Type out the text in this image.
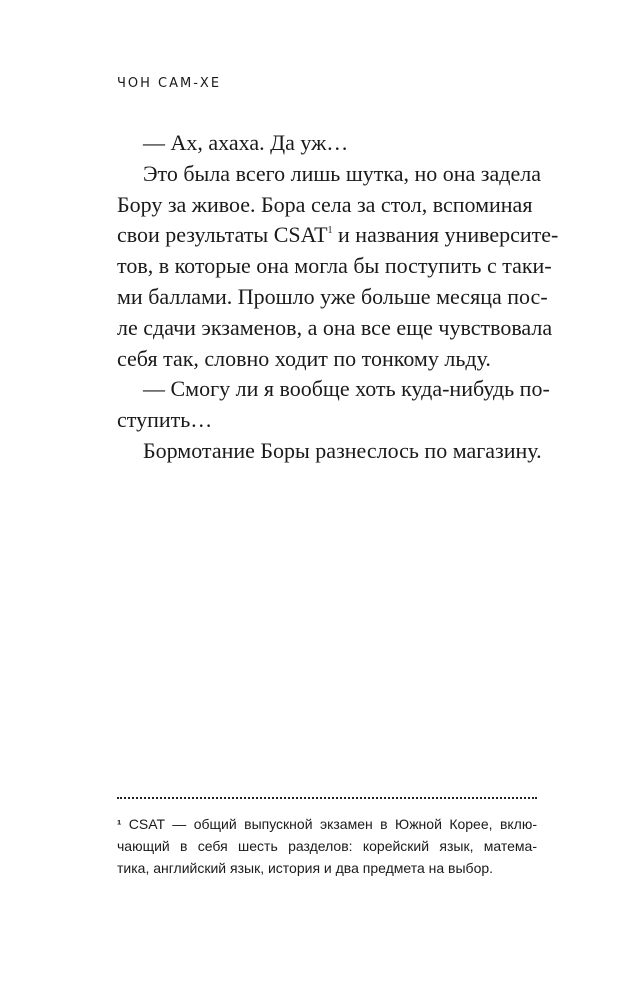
ЧОН САМ-ХЕ
— Ах, ахаха. Да уж…
Это была всего лишь шутка, но она задела
Бору за живое. Бора села за стол, вспоминая
свои результаты CSAT$^1$ и названия университе-
тов, в которые она могла бы поступить с таки-
ми баллами. Прошло уже больше месяца пос-
ле сдачи экзаменов, а она все еще чувствовала
себя так, словно ходит по тонкому льду.
— Смогу ли я вообще хоть куда-нибудь по-
ступить…
Бормотание Боры разнеслось по магазину.
¹ CSAT — общий выпускной экзамен в Южной Корее, вклю-
чающий в себя шесть разделов: корейский язык, матема-
тика, английский язык, история и два предмета на выбор.
